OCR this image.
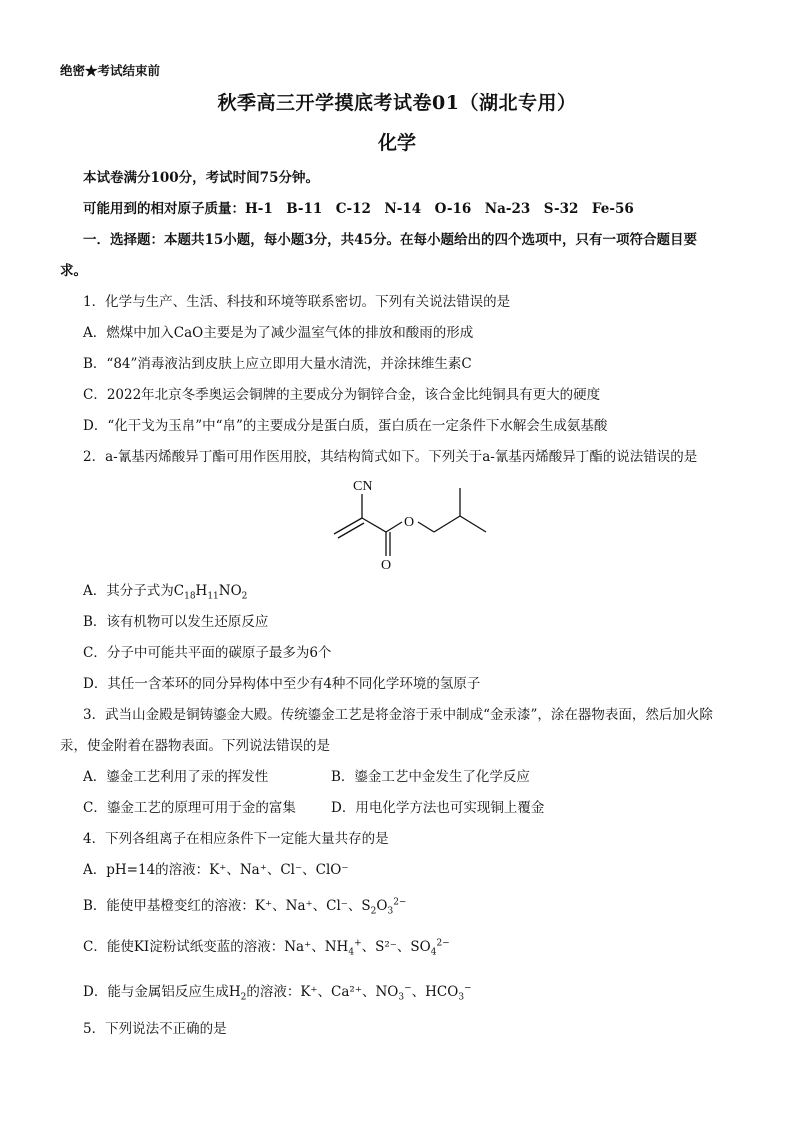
绝密★考试结束前
秋季高三开学摸底考试卷01（湖北专用）
化学
本试卷满分100分，考试时间75分钟。
可能用到的相对原子质量：H-1　B-11　C-12　N-14　O-16　Na-23　S-32　Fe-56
一．选择题：本题共15小题，每小题3分，共45分。在每小题给出的四个选项中，只有一项符合题目要
求。
1．化学与生产、生活、科技和环境等联系密切。下列有关说法错误的是
A．燃煤中加入CaO主要是为了减少温室气体的排放和酸雨的形成
B．“84”消毒液沾到皮肤上应立即用大量水清洗，并涂抹维生素C
C．2022年北京冬季奥运会铜牌的主要成分为铜锌合金，该合金比纯铜具有更大的硬度
D．“化干戈为玉帛”中“帛”的主要成分是蛋白质，蛋白质在一定条件下水解会生成氨基酸
2．a-氰基丙烯酸异丁酯可用作医用胶，其结构简式如下。下列关于a-氰基丙烯酸异丁酯的说法错误的是
CN
O
O
A．其分子式为$C_{18}H_{11}NO_2$
B．该有机物可以发生还原反应
C．分子中可能共平面的碳原子最多为6个
D．其任一含苯环的同分异构体中至少有4种不同化学环境的氢原子
3．武当山金殿是铜铸鎏金大殿。传统鎏金工艺是将金溶于汞中制成“金汞漆”，涂在器物表面，然后加火除
汞，使金附着在器物表面。下列说法错误的是
A．鎏金工艺利用了汞的挥发性	B．鎏金工艺中金发生了化学反应
C．鎏金工艺的原理可用于金的富集	D．用电化学方法也可实现铜上覆金
4．下列各组离子在相应条件下一定能大量共存的是
A．pH=14的溶液：K⁺、Na⁺、Cl⁻、ClO⁻
B．能使甲基橙变红的溶液：K⁺、Na⁺、Cl⁻、$S_2O_3^{2-}$
C．能使KI淀粉试纸变蓝的溶液：Na⁺、$NH_4^+$、S²⁻、$SO_4^{2-}$
D．能与金属铝反应生成$H_2$的溶液：K⁺、Ca²⁺、$NO_3^-$、$HCO_3^-$
5．下列说法不正确的是
